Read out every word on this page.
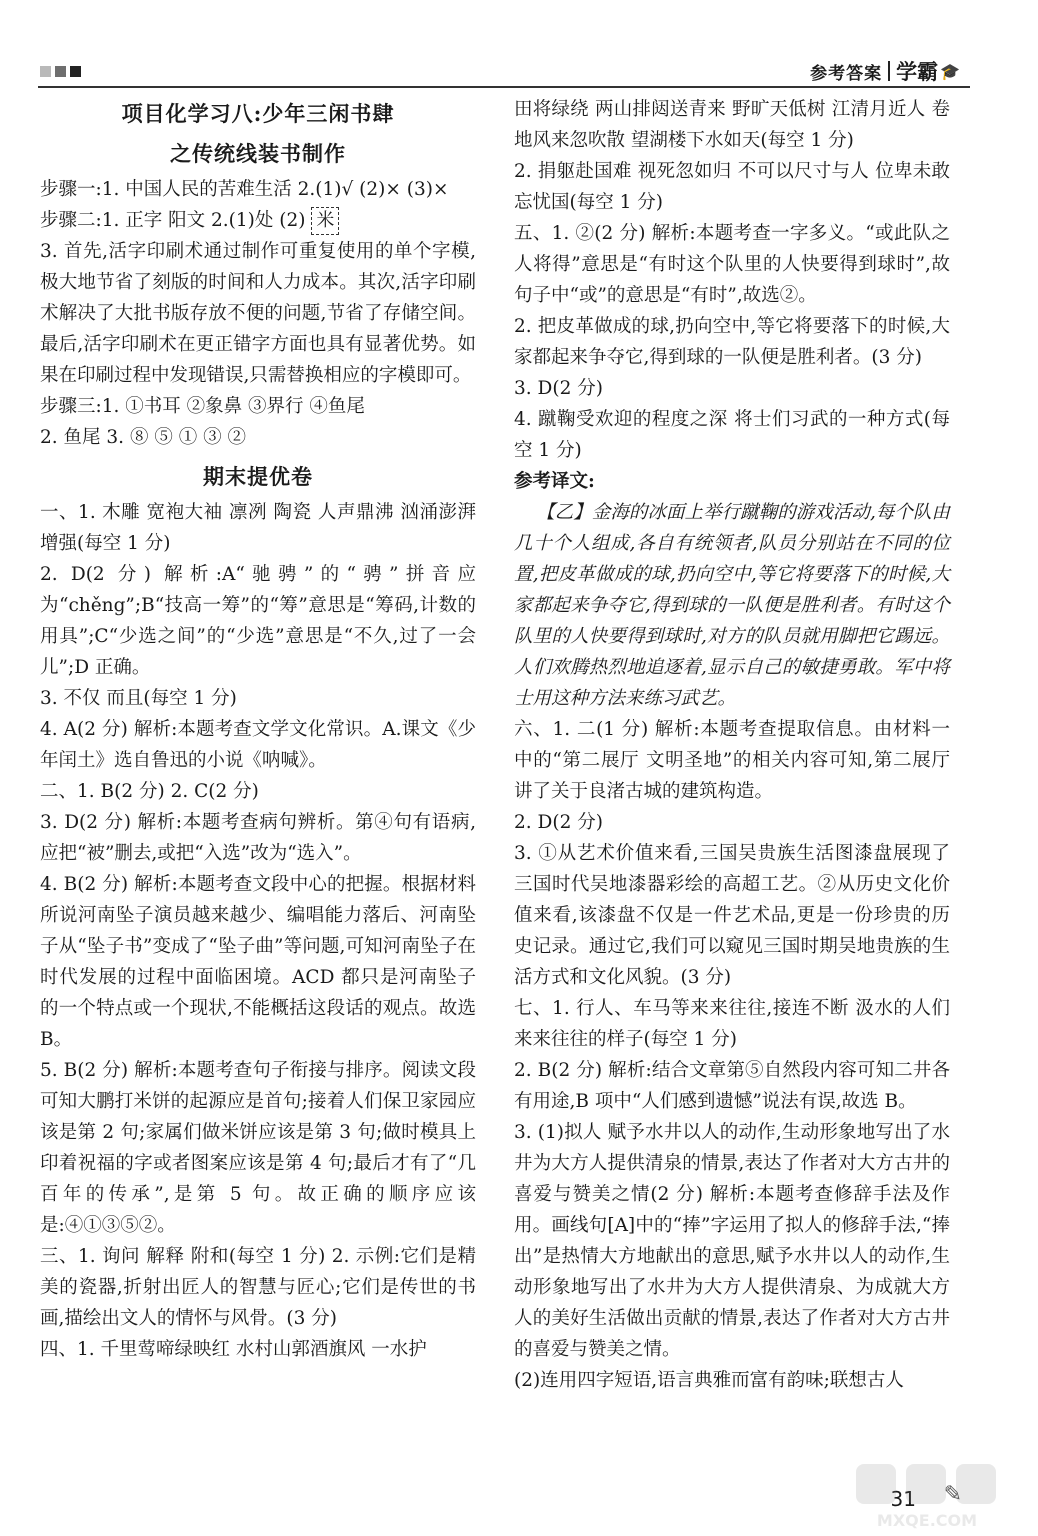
参考答案 学霸 🎓
项目化学习八:少年三闲书肆
之传统线装书制作

步骤一:1. 中国人民的苦难生活 2.(1)√ (2)× (3)×

步骤二:1. 正字 阳文 2.(1)处 (2) 米

3. 首先,活字印刷术通过制作可重复使用的单个字模,极大地节省了刻版的时间和人力成本。其次,活字印刷术解决了大批书版存放不便的问题,节省了存储空间。最后,活字印刷术在更正错字方面也具有显著优势。如果在印刷过程中发现错误,只需替换相应的字模即可。

步骤三:1. ①书耳 ②象鼻 ③界行 ④鱼尾

2. 鱼尾 3. ⑧ ⑤ ① ③ ②

期末提优卷

一、1. 木雕 宽袍大袖 凛冽 陶瓷 人声鼎沸 汹涌澎湃 增强(每空 1 分)

2. D(2 分) 解析:A“驰骋”的“骋”拼音应为“chěng”;B“技高一筹”的“筹”意思是“筹码,计数的用具”;C“少选之间”的“少选”意思是“不久,过了一会儿”;D 正确。

3. 不仅 而且(每空 1 分)

4. A(2 分) 解析:本题考查文学文化常识。A.课文《少年闰土》选自鲁迅的小说《呐喊》。

二、1. B(2 分) 2. C(2 分)

3. D(2 分) 解析:本题考查病句辨析。第④句有语病,应把“被”删去,或把“入选”改为“选入”。

4. B(2 分) 解析:本题考查文段中心的把握。根据材料所说河南坠子演员越来越少、编唱能力落后、河南坠子从“坠子书”变成了“坠子曲”等问题,可知河南坠子在时代发展的过程中面临困境。ACD 都只是河南坠子的一个特点或一个现状,不能概括这段话的观点。故选 B。

5. B(2 分) 解析:本题考查句子衔接与排序。阅读文段可知大鹏打米饼的起源应是首句;接着人们保卫家园应该是第 2 句;家属们做米饼应该是第 3 句;做时模具上印着祝福的字或者图案应该是第 4 句;最后才有了“几百年的传承”,是第 5 句。故正确的顺序应该是:④①③⑤②。

三、1. 询问 解释 附和(每空 1 分) 2. 示例:它们是精美的瓷器,折射出匠人的智慧与匠心;它们是传世的书画,描绘出文人的情怀与风骨。(3 分)

四、1. 千里莺啼绿映红 水村山郭酒旗风 一水护

田将绿绕 两山排闼送青来 野旷天低树 江清月近人 卷地风来忽吹散 望湖楼下水如天(每空 1 分)

2. 捐躯赴国难 视死忽如归 不可以尺寸与人 位卑未敢忘忧国(每空 1 分)

五、1. ②(2 分) 解析:本题考查一字多义。“或此队之人将得”意思是“有时这个队里的人快要得到球时”,故句子中“或”的意思是“有时”,故选②。

2. 把皮革做成的球,扔向空中,等它将要落下的时候,大家都起来争夺它,得到球的一队便是胜利者。(3 分)

3. D(2 分)

4. 蹴鞠受欢迎的程度之深 将士们习武的一种方式(每空 1 分)

参考译文:

【乙】金海的冰面上举行蹴鞠的游戏活动,每个队由几十个人组成,各自有统领者,队员分别站在不同的位置,把皮革做成的球,扔向空中,等它将要落下的时候,大家都起来争夺它,得到球的一队便是胜利者。有时这个队里的人快要得到球时,对方的队员就用脚把它踢远。人们欢腾热烈地追逐着,显示自己的敏捷勇敢。军中将士用这种方法来练习武艺。

六、1. 二(1 分) 解析:本题考查提取信息。由材料一中的“第二展厅 文明圣地”的相关内容可知,第二展厅讲了关于良渚古城的建筑构造。

2. D(2 分)

3. ①从艺术价值来看,三国吴贵族生活图漆盘展现了三国时代吴地漆器彩绘的高超工艺。②从历史文化价值来看,该漆盘不仅是一件艺术品,更是一份珍贵的历史记录。通过它,我们可以窥见三国时期吴地贵族的生活方式和文化风貌。(3 分)

七、1. 行人、车马等来来往往,接连不断 汲水的人们来来往往的样子(每空 1 分)

2. B(2 分) 解析:结合文章第⑤自然段内容可知二井各有用途,B 项中“人们感到遗憾”说法有误,故选 B。

3. (1)拟人 赋予水井以人的动作,生动形象地写出了水井为大方人提供清泉的情景,表达了作者对大方古井的喜爱与赞美之情(2 分) 解析:本题考查修辞手法及作用。画线句[A]中的“捧”字运用了拟人的修辞手法,“捧出”是热情大方地献出的意思,赋予水井以人的动作,生动形象地写出了水井为大方人提供清泉、为成就大方人的美好生活做出贡献的情景,表达了作者对大方古井的喜爱与赞美之情。

(2)连用四字短语,语言典雅而富有韵味;联想古人

31 ✎
MXQE.COM
